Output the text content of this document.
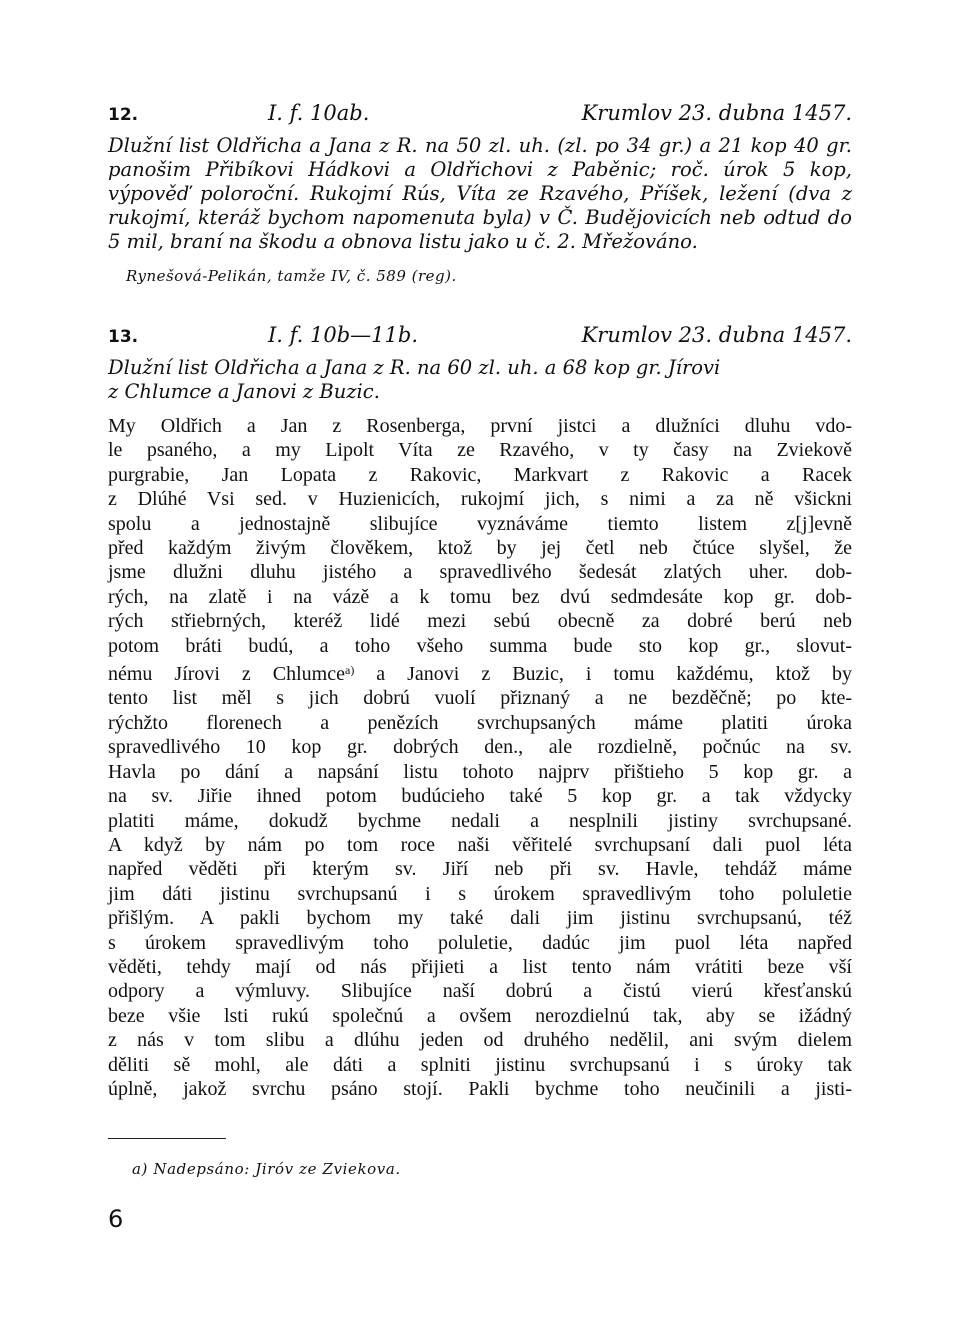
12.	I. f. 10ab.	Krumlov 23. dubna 1457.

Dlužní list Oldřicha a Jana z R. na 50 zl. uh. (zl. po 34 gr.) a 21 kop 40 gr. panošim Přibíkovi Hádkovi a Oldřichovi z Paběnic; roč. úrok 5 kop, výpověď poloroční. Rukojmí Rús, Víta ze Rzavého, Příšek, ležení (dva z rukojmí, kteráž bychom napomenuta byla) v Č. Budějovicích neb odtud do 5 mil, braní na škodu a obnova listu jako u č. 2. Mřežováno.

Rynešová-Pelikán, tamže IV, č. 589 (reg).
13.	I. f. 10b—11b.	Krumlov 23. dubna 1457.
Dlužní list Oldřicha a Jana z R. na 60 zl. uh. a 68 kop gr. Jírovi
z Chlumce a Janovi z Buzic.
My Oldřich a Jan z Rosenberga, první jistci a dlužníci dluhu vdo-
le psaného, a my Lipolt Víta ze Rzavého, v ty časy na Zviekově
purgrabie, Jan Lopata z Rakovic, Markvart z Rakovic a Racek
z Dlúhé Vsi sed. v Huzienicích, rukojmí jich, s nimi a za ně všickni
spolu a jednostajně slibujíce vyznáváme tiemto listem z[j]evně
před každým živým člověkem, ktož by jej četl neb čtúce slyšel, že
jsme dlužni dluhu jistého a spravedlivého šedesát zlatých uher. dob-
rých, na zlatě i na vázě a k tomu bez dvú sedmdesáte kop gr. dob-
rých střiebrných, kteréž lidé mezi sebú obecně za dobré berú neb
potom bráti budú, a toho všeho summa bude sto kop gr., slovut-
nému Jírovi z Chlumce$^{a)}$ a Janovi z Buzic, i tomu každému, ktož by
tento list měl s jich dobrú vuolí přiznaný a ne bezděčně; po kte-
rýchžto florenech a penězích svrchupsaných máme platiti úroka
spravedlivého 10 kop gr. dobrých den., ale rozdielně, počnúc na sv.
Havla po dání a napsání listu tohoto najprv přištieho 5 kop gr. a
na sv. Jiřie ihned potom budúcieho také 5 kop gr. a tak vždycky
platiti máme, dokudž bychme nedali a nesplnili jistiny svrchupsané.
A když by nám po tom roce naši věřitelé svrchupsaní dali puol léta
napřed věděti při kterým sv. Jiří neb při sv. Havle, tehdáž máme
jim dáti jistinu svrchupsanú i s úrokem spravedlivým toho poluletie
přišlým. A pakli bychom my také dali jim jistinu svrchupsanú, též
s úrokem spravedlivým toho poluletie, dadúc jim puol léta napřed
věděti, tehdy mají od nás přijieti a list tento nám vrátiti beze vší
odpory a výmluvy. Slibujíce naší dobrú a čistú vierú křesťanskú
beze všie lsti rukú společnú a ovšem nerozdielnú tak, aby se ižádný
z nás v tom slibu a dlúhu jeden od druhého nedělil, ani svým dielem
děliti sě mohl, ale dáti a splniti jistinu svrchupsanú i s úroky tak
úplně, jakož svrchu psáno stojí. Pakli bychme toho neučinili a jisti-
a) Nadepsáno: Jiróv ze Zviekova.
6
